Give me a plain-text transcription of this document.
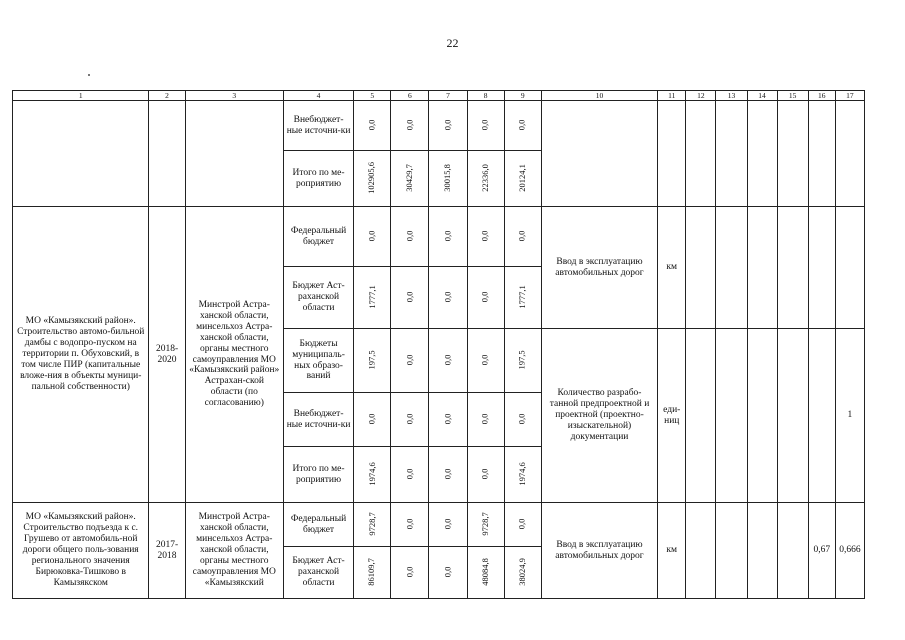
22
1	2	3	4	5	6	7	8	9	10	11	12	13	14	15	16	17
			Внебюджет-ные источни-ки	0,0	0,0	0,0	0,0	0,0								
			Итого по ме-роприятию	102905,6	30429,7	30015,8	22336,0	20124,1								
МО «Камызякский район». Строительство автомо-бильной дамбы с водопро-пуском на территории п. Обуховский, в том числе ПИР (капитальные вложе-ния в объекты муници-пальной собственности)	2018-2020	Минстрой Астра-ханской области, минсельхоз Астра-ханской области, органы местного самоуправления МО «Камызякский район» Астрахан-ской области (по согласованию)	Федеральный бюджет	0,0	0,0	0,0	0,0	0,0	Ввод в эксплуатацию автомобильных дорог	км						
			Бюджет Аст-раханской области	1777,1	0,0	0,0	0,0	1777,1								
			Бюджеты муниципаль-ных образо-ваний	197,5	0,0	0,0	0,0	197,5	Количество разрабо-танной предпроектной и проектной (проектно-изыскательной) документации	еди-ниц						1
			Внебюджет-ные источни-ки	0,0	0,0	0,0	0,0	0,0								
			Итого по ме-роприятию	1974,6	0,0	0,0	0,0	1974,6								
МО «Камызякский район». Строительство подъезда к с. Грушево от автомобиль-ной дороги общего поль-зования регионального значения Бирюковка-Тишково в Камызякском	2017-2018	Минстрой Астра-ханской области, минсельхоз Астра-ханской области, органы местного самоуправления МО «Камызякский	Федеральный бюджет	9728,7	0,0	0,0	9728,7	0,0	Ввод в эксплуатацию автомобильных дорог	км					0,67	0,666
			Бюджет Аст-раханской области	86109,7	0,0	0,0	48084,8	38024,9								
